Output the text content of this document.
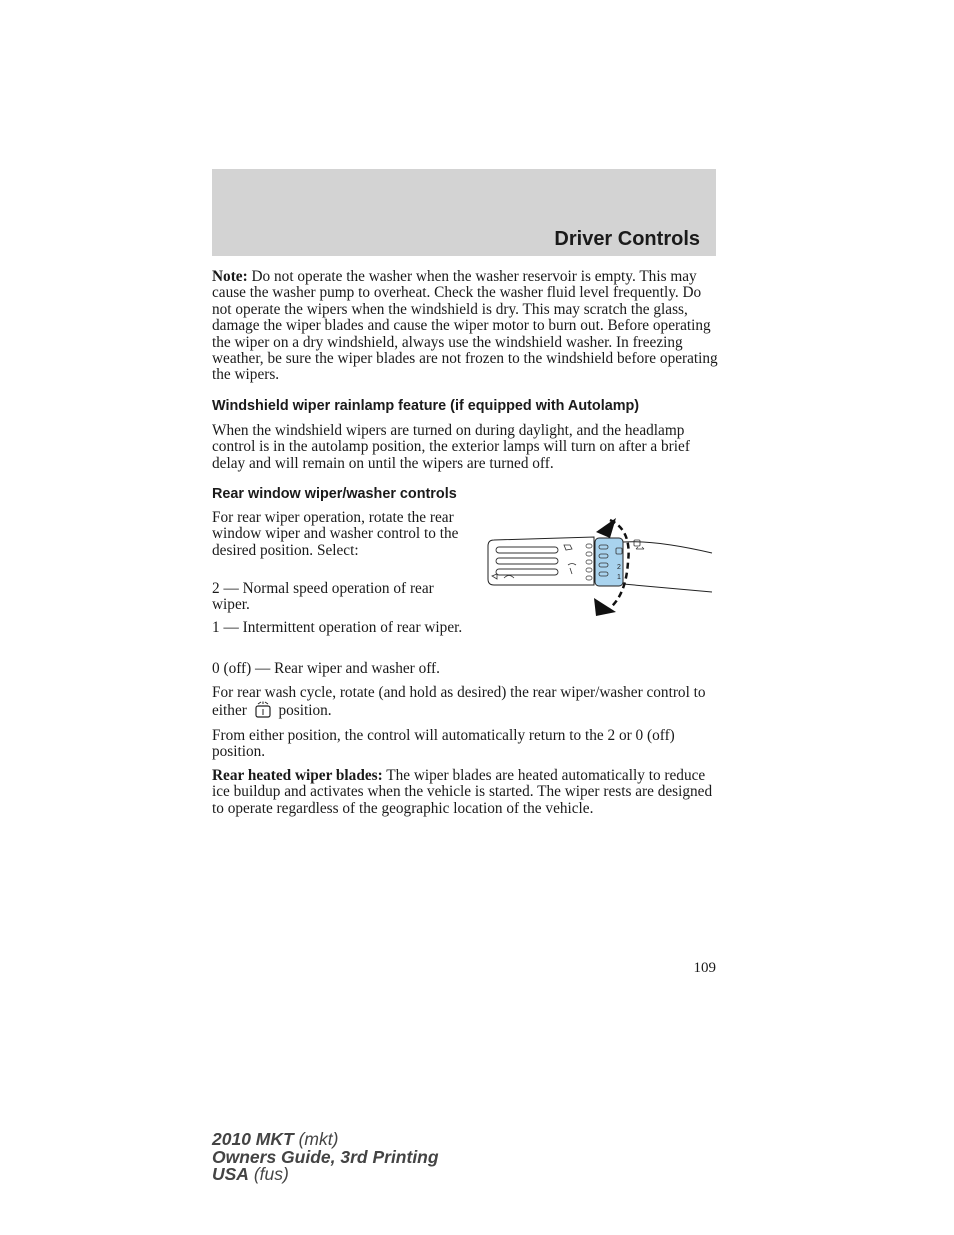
Driver Controls

Note: Do not operate the washer when the washer reservoir is empty. This may cause the washer pump to overheat. Check the washer fluid level frequently. Do not operate the wipers when the windshield is dry. This may scratch the glass, damage the wiper blades and cause the wiper motor to burn out. Before operating the wiper on a dry windshield, always use the windshield washer. In freezing weather, be sure the wiper blades are not frozen to the windshield before operating the wipers.

Windshield wiper rainlamp feature (if equipped with Autolamp)

When the windshield wipers are turned on during daylight, and the headlamp control is in the autolamp position, the exterior lamps will turn on after a brief delay and will remain on until the wipers are turned off.

Rear window wiper/washer controls

For rear wiper operation, rotate the rear window wiper and washer control to the desired position. Select:

2 — Normal speed operation of rear wiper.

1 — Intermittent operation of rear wiper.

0 (off) — Rear wiper and washer off.

2
1

For rear wash cycle, rotate (and hold as desired) the rear wiper/washer control to either position.

From either position, the control will automatically return to the 2 or 0 (off) position.

Rear heated wiper blades: The wiper blades are heated automatically to reduce ice buildup and activates when the vehicle is started. The wiper rests are designed to operate regardless of the geographic location of the vehicle.

109
2010 MKT (mkt)
Owners Guide, 3rd Printing
USA (fus)
